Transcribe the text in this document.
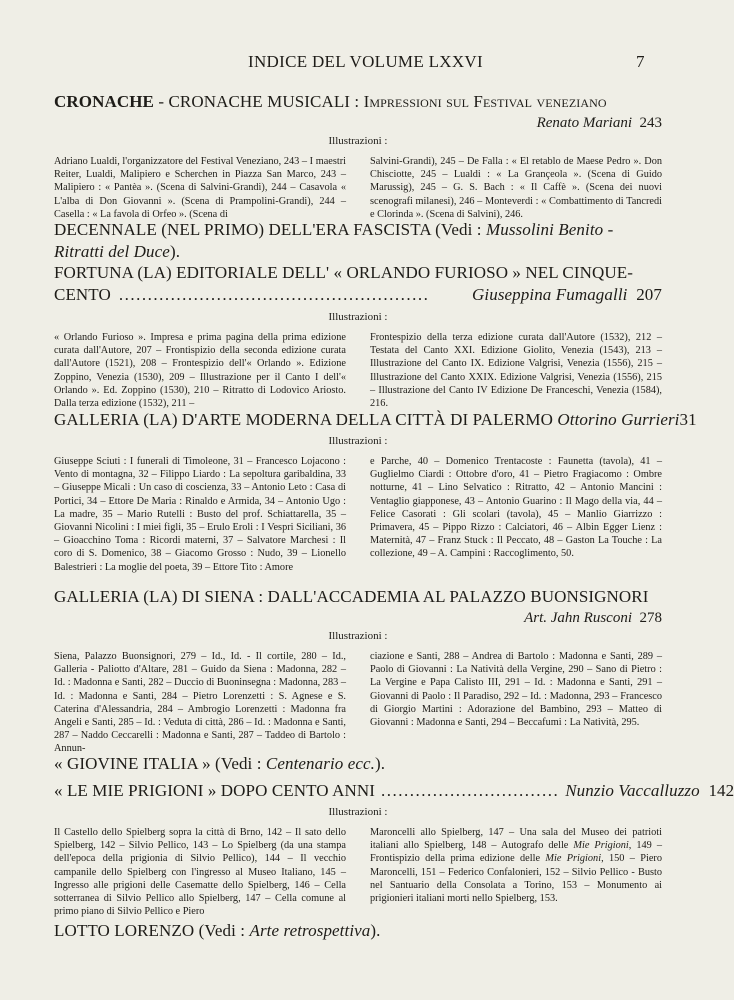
INDICE DEL VOLUME LXXVI	7
CRONACHE - CRONACHE MUSICALI : Impressioni sul Festival veneziano
Renato Mariani 243
Illustrazioni :
Adriano Lualdi, l'organizzatore del Festival Veneziano, 243 – I maestri Reiter, Lualdi, Malipiero e Scherchen in Piazza San Marco, 243 – Malipiero : « Pantèa ». (Scena di Salvini-Grandi), 244 – Casavola « L'alba di Don Giovanni ». (Scena di Prampolini-Grandi), 244 – Casella : « La favola di Orfeo ». (Scena di
Salvini-Grandi), 245 – De Falla : « El retablo de Maese Pedro ». Don Chisciotte, 245 – Lualdi : « La Grançeola ». (Scena di Guido Marussig), 245 – G. S. Bach : « Il Caffè ». (Scena dei nuovi scenografi milanesi), 246 – Monteverdi : « Combattimento di Tancredi e Clorinda ». (Scena di Salvini), 246.
DECENNALE (NEL PRIMO) DELL'ERA FASCISTA (Vedi : Mussolini Benito - Ritratti del Duce).
FORTUNA (LA) EDITORIALE DELL' « ORLANDO FURIOSO » NEL CINQUE-
CENTO ......................................................	Giuseppina Fumagalli 207
Illustrazioni :
« Orlando Furioso ». Impresa e prima pagina della prima edizione curata dall'Autore, 207 – Frontispizio della seconda edizione curata dall'Autore (1521), 208 – Frontespizio dell'« Orlando ». Edizione Zoppino, Venezia (1530), 209 – Illustrazione per il Canto I dell'« Orlando ». Ed. Zoppino (1530), 210 – Ritratto di Lodovico Ariosto. Dalla terza edizione (1532), 211 –
Frontespizio della terza edizione curata dall'Autore (1532), 212 – Testata del Canto XXI. Edizione Giolito, Venezia (1543), 213 – Illustrazione del Canto IX. Edizione Valgrisi, Venezia (1556), 215 – Illustrazione del Canto XXIX. Edizione Valgrisi, Venezia (1556), 215 – Illustrazione del Canto IV Edizione De Franceschi, Venezia (1584), 216.
GALLERIA (LA) D'ARTE MODERNA DELLA CITTÀ DI PALERMO Ottorino Gurrieri 31
Illustrazioni :
Giuseppe Sciuti : I funerali di Timoleone, 31 – Francesco Lojacono : Vento di montagna, 32 – Filippo Liardo : La sepoltura garibaldina, 33 – Giuseppe Micali : Un caso di coscienza, 33 – Antonio Leto : Casa di Portici, 34 – Ettore De Maria : Rinaldo e Armida, 34 – Antonio Ugo : La madre, 35 – Mario Rutelli : Busto del prof. Schiattarella, 35 – Giovanni Nicolini : I miei figli, 35 – Erulo Eroli : I Vespri Siciliani, 36 – Gioacchino Toma : Ricordi materni, 37 – Salvatore Marchesi : Il coro di S. Domenico, 38 – Giacomo Grosso : Nudo, 39 – Lionello Balestrieri : La moglie del poeta, 39 – Ettore Tito : Amore
e Parche, 40 – Domenico Trentacoste : Faunetta (tavola), 41 – Guglielmo Ciardi : Ottobre d'oro, 41 – Pietro Fragiacomo : Ombre notturne, 41 – Lino Selvatico : Ritratto, 42 – Antonio Mancini : Ventaglio giapponese, 43 – Antonio Guarino : Il Mago della via, 44 – Felice Casorati : Gli scolari (tavola), 45 – Manlio Giarrizzo : Primavera, 45 – Pippo Rizzo : Calciatori, 46 – Albin Egger Lienz : Maternità, 47 – Franz Stuck : Il Peccato, 48 – Gaston La Touche : La collezione, 49 – A. Campini : Raccoglimento, 50.
GALLERIA (LA) DI SIENA : DALL'ACCADEMIA AL PALAZZO BUONSIGNORI
Art. Jahn Rusconi 278
Illustrazioni :
Siena, Palazzo Buonsignori, 279 – Id., Id. - Il cortile, 280 – Id., Galleria - Paliotto d'Altare, 281 – Guido da Siena : Madonna, 282 – Id. : Madonna e Santi, 282 – Duccio di Buoninsegna : Madonna, 283 – Id. : Madonna e Santi, 284 – Pietro Lorenzetti : S. Agnese e S. Caterina d'Alessandria, 284 – Ambrogio Lorenzetti : Madonna fra Angeli e Santi, 285 – Id. : Veduta di città, 286 – Id. : Madonna e Santi, 287 – Naddo Ceccarelli : Madonna e Santi, 287 – Taddeo di Bartolo : Annun-
ciazione e Santi, 288 – Andrea di Bartolo : Madonna e Santi, 289 – Paolo di Giovanni : La Natività della Vergine, 290 – Sano di Pietro : La Vergine e Papa Calisto III, 291 – Id. : Madonna e Santi, 291 – Giovanni di Paolo : Il Paradiso, 292 – Id. : Madonna, 293 – Francesco di Giorgio Martini : Adorazione del Bambino, 293 – Matteo di Giovanni : Madonna e Santi, 294 – Beccafumi : La Natività, 295.
« GIOVINE ITALIA » (Vedi : Centenario ecc.).
« LE MIE PRIGIONI » DOPO CENTO ANNI ............................... Nunzio Vaccalluzzo 142
Illustrazioni :
Il Castello dello Spielberg sopra la città di Brno, 142 – Il sato dello Spielberg, 142 – Silvio Pellico, 143 – Lo Spielberg (da una stampa dell'epoca della prigionia di Silvio Pellico), 144 – Il vecchio campanile dello Spielberg con l'ingresso al Museo Italiano, 145 – Ingresso alle prigioni delle Casematte dello Spielberg, 146 – Cella sotterranea di Silvio Pellico allo Spielberg, 147 – Cella comune al primo piano di Silvio Pellico e Piero
Maroncelli allo Spielberg, 147 – Una sala del Museo dei patrioti italiani allo Spielberg, 148 – Autografo delle Mie Prigioni, 149 – Frontispizio della prima edizione delle Mie Prigioni, 150 – Piero Maroncelli, 151 – Federico Confalonieri, 152 – Silvio Pellico - Busto nel Santuario della Consolata a Torino, 153 – Monumento ai prigionieri italiani morti nello Spielberg, 153.
LOTTO LORENZO (Vedi : Arte retrospettiva).
